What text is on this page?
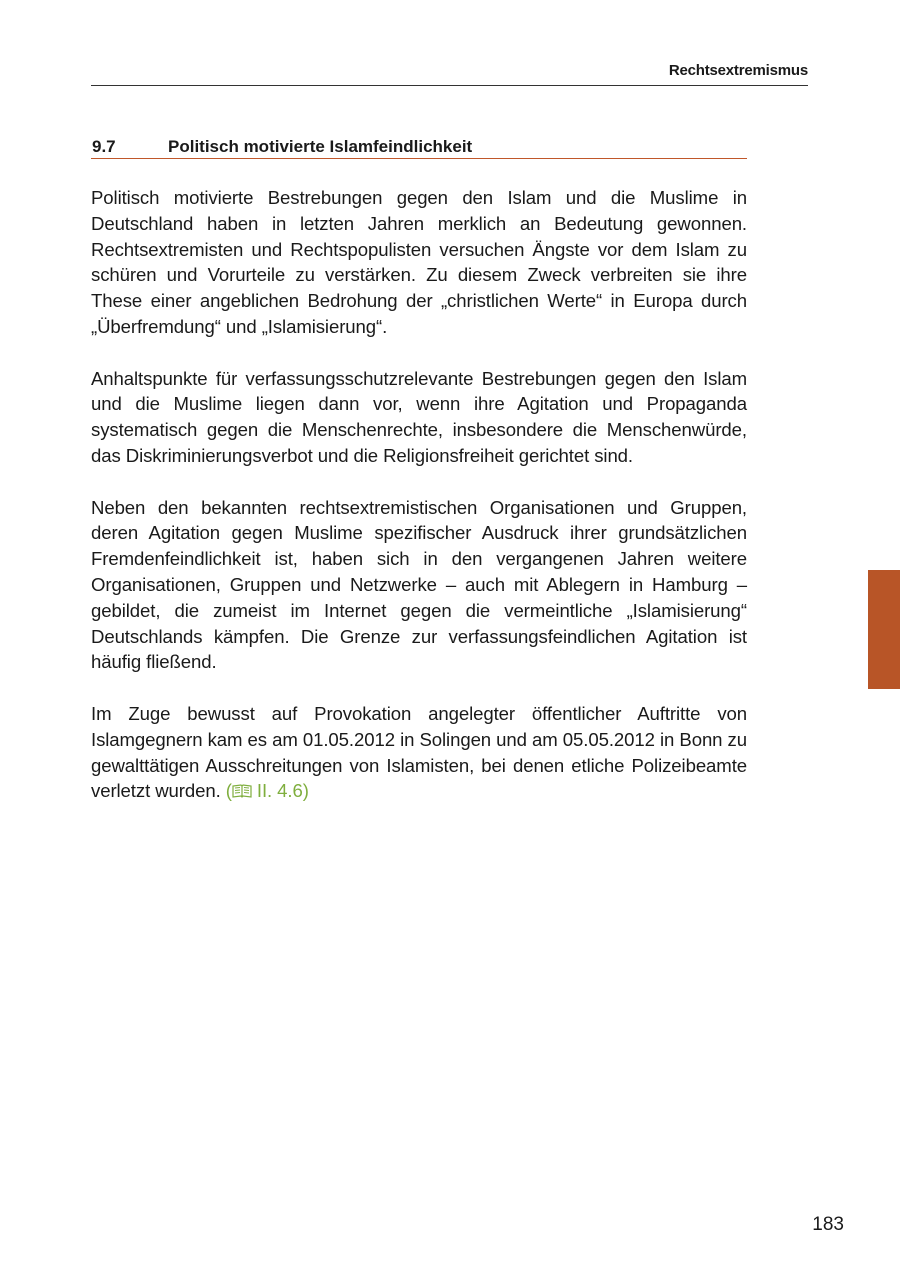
Rechtsextremismus
9.7	Politisch motivierte Islamfeindlichkeit

Politisch motivierte Bestrebungen gegen den Islam und die Muslime in Deutschland haben in letzten Jahren merklich an Bedeutung gewonnen. Rechtsextremisten und Rechtspopulisten versuchen Ängste vor dem Islam zu schüren und Vorurteile zu verstärken. Zu diesem Zweck verbreiten sie ihre These einer angeblichen Bedrohung der „christlichen Werte“ in Europa durch „Überfremdung“ und „Islamisierung“.

Anhaltspunkte für verfassungsschutzrelevante Bestrebungen gegen den Islam und die Muslime liegen dann vor, wenn ihre Agitation und Propaganda systematisch gegen die Menschenrechte, insbesondere die Menschenwürde, das Diskriminierungsverbot und die Religionsfreiheit gerichtet sind.

Neben den bekannten rechtsextremistischen Organisationen und Gruppen, deren Agitation gegen Muslime spezifischer Ausdruck ihrer grundsätzlichen Fremdenfeindlichkeit ist, haben sich in den vergangenen Jahren weitere Organisationen, Gruppen und Netzwerke – auch mit Ablegern in Hamburg – gebildet, die zumeist im Internet gegen die vermeintliche „Islamisierung“ Deutschlands kämpfen. Die Grenze zur verfassungsfeindlichen Agitation ist häufig fließend.

Im Zuge bewusst auf Provokation angelegter öffentlicher Auftritte von Islamgegnern kam es am 01.05.2012 in Solingen und am 05.05.2012 in Bonn zu gewalttätigen Ausschreitungen von Islamisten, bei denen etliche Polizeibeamte verletzt wurden. ( II. 4.6)

183
